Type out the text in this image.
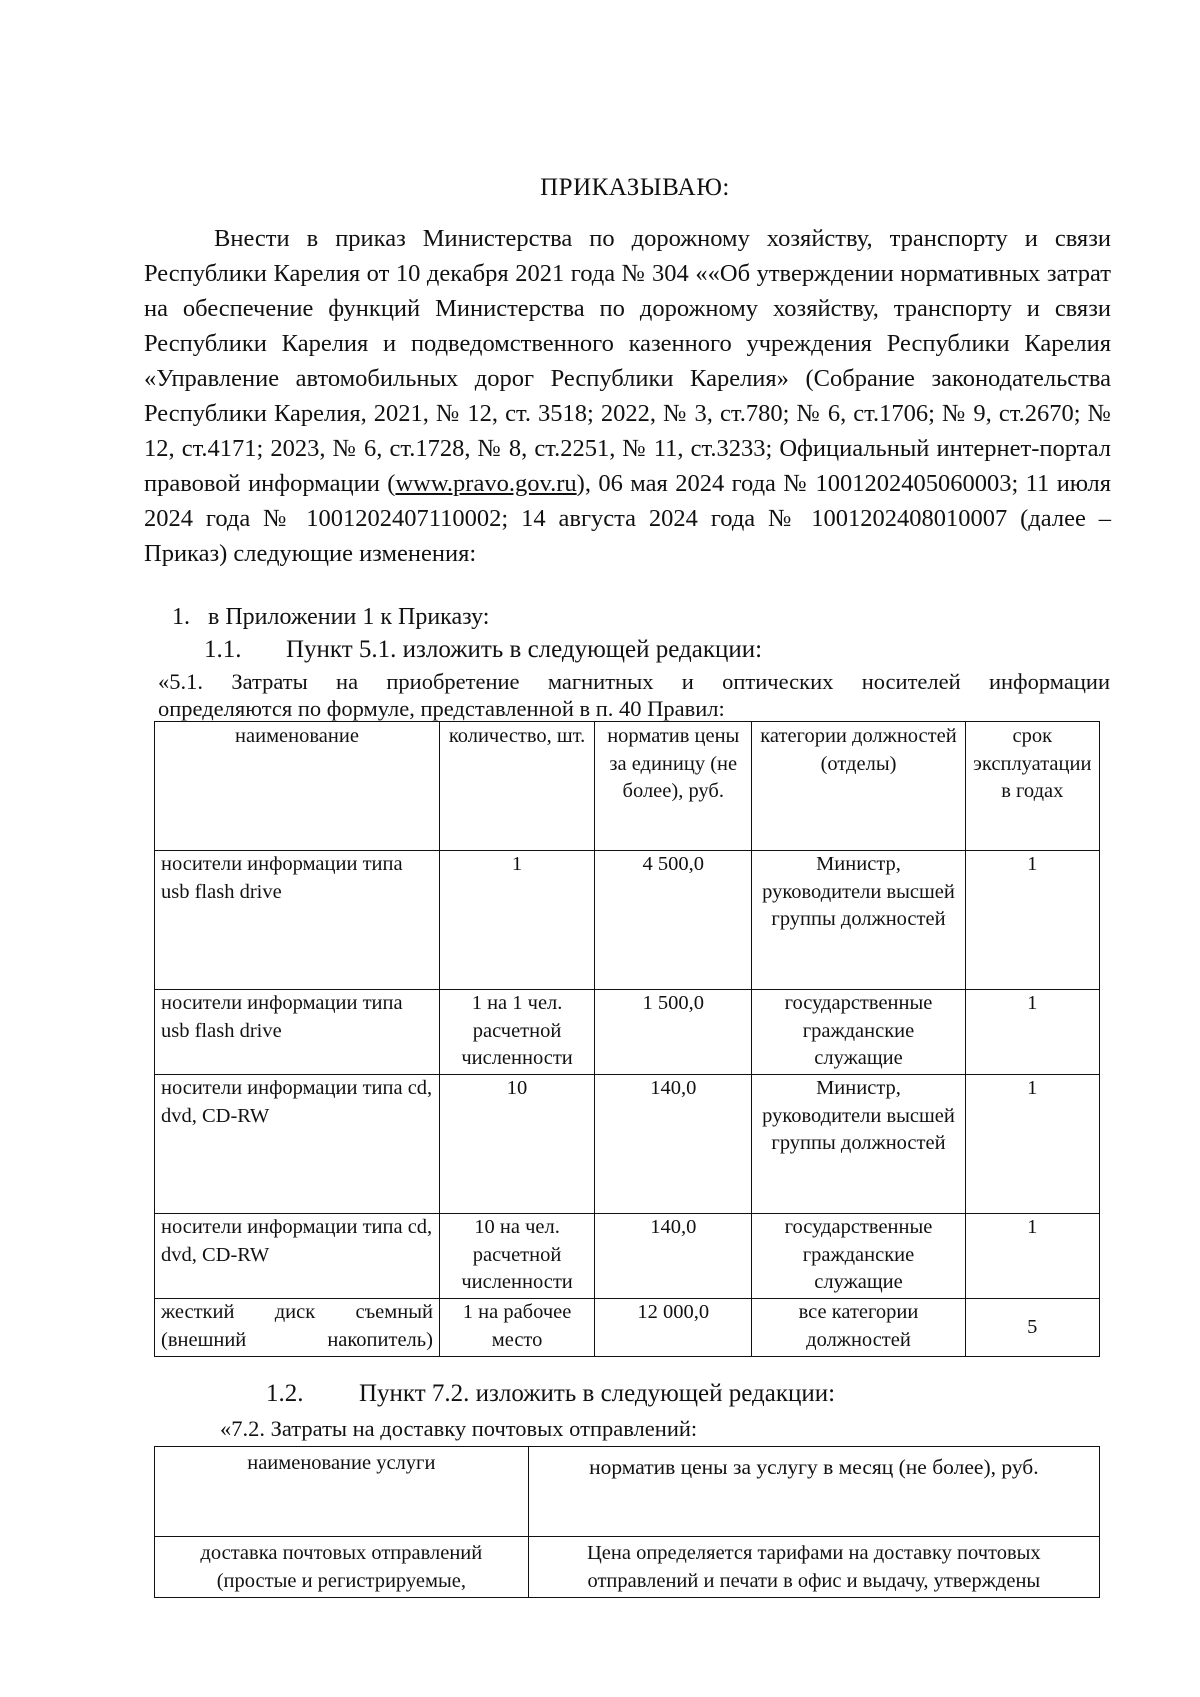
ПРИКАЗЫВАЮ:
Внести в приказ Министерства по дорожному хозяйству, транспорту и связи Республики Карелия от 10 декабря 2021 года № 304 ««Об утверждении нормативных затрат на обеспечение функций Министерства по дорожному хозяйству, транспорту и связи Республики Карелия и подведомственного казенного учреждения Республики Карелия «Управление автомобильных дорог Республики Карелия» (Собрание законодательства Республики Карелия, 2021, № 12, ст. 3518; 2022, № 3, ст.780; № 6, ст.1706; № 9, ст.2670; № 12, ст.4171; 2023, № 6, ст.1728, № 8, ст.2251, № 11, ст.3233; Официальный интернет-портал правовой информации (www.pravo.gov.ru), 06 мая 2024 года № 1001202405060003; 11 июля 2024 года № 1001202407110002; 14 августа 2024 года № 1001202408010007 (далее – Приказ) следующие изменения:
1. в Приложении 1 к Приказу:
1.1. Пункт 5.1. изложить в следующей редакции:
«5.1. Затраты на приобретение магнитных и оптических носителей информации
определяются по формуле, представленной в п. 40 Правил:
наименование	количество, шт.	норматив цены за единицу (не более), руб.	категории должностей (отделы)	срок эксплуатации в годах
носители информации типа usb flash drive	1	4 500,0	Министр, руководители высшей группы должностей	1
носители информации типа usb flash drive	1 на 1 чел. расчетной численности	1 500,0	государственные гражданские служащие	1
носители информации типа cd, dvd, CD-RW	10	140,0	Министр, руководители высшей группы должностей	1
носители информации типа cd, dvd, CD-RW	10 на чел. расчетной численности	140,0	государственные гражданские служащие	1
жесткий диск съемный (внешний накопитель)	1 на рабочее место	12 000,0	все категории должностей	5
1.2. Пункт 7.2. изложить в следующей редакции:
«7.2. Затраты на доставку почтовых отправлений:
наименование услуги	норматив цены за услугу в месяц (не более), руб.
доставка почтовых отправлений (простые и регистрируемые,	Цена определяется тарифами на доставку почтовых отправлений и печати в офис и выдачу, утверждены
